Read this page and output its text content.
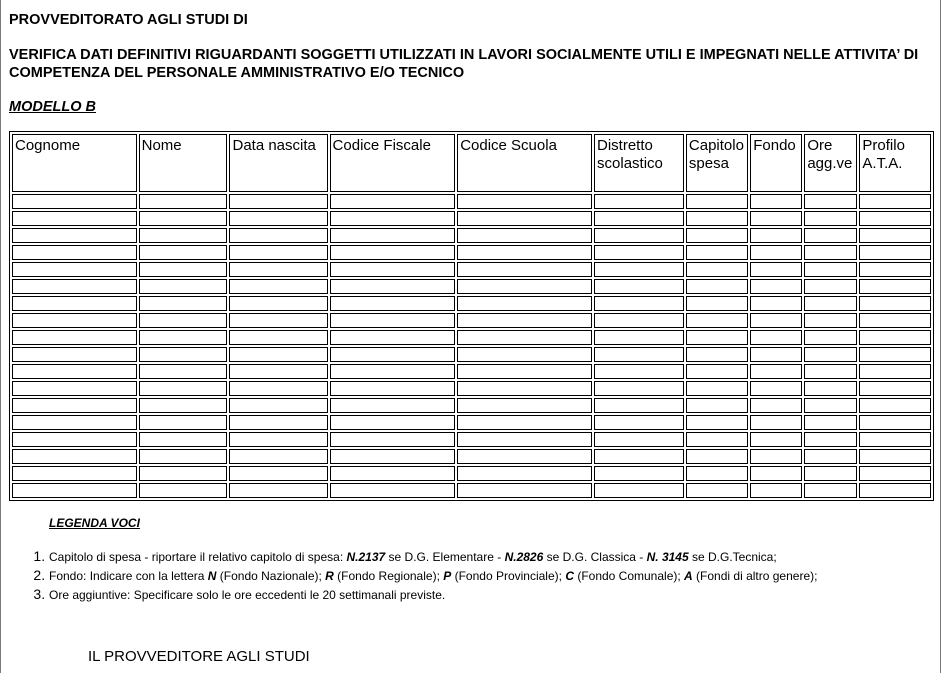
PROVVEDITORATO AGLI STUDI DI
VERIFICA DATI DEFINITIVI RIGUARDANTI SOGGETTI UTILIZZATI IN LAVORI SOCIALMENTE UTILI E IMPEGNATI NELLE ATTIVITA’ DI COMPETENZA DEL PERSONALE AMMINISTRATIVO E/O TECNICO
MODELLO B
Cognome	Nome	Data nascita	Codice Fiscale	Codice Scuola	Distretto scolastico	Capitolo spesa	Fondo	Ore agg.ve	Profilo A.T.A.

LEGENDA VOCI
1. Capitolo di spesa - riportare il relativo capitolo di spesa: N.2137 se D.G. Elementare - N.2826 se D.G. Classica - N. 3145 se D.G.Tecnica;
2. Fondo: Indicare con la lettera N (Fondo Nazionale); R (Fondo Regionale); P (Fondo Provinciale); C (Fondo Comunale); A (Fondi di altro genere);
3. Ore aggiuntive: Specificare solo le ore eccedenti le 20 settimanali previste.
IL PROVVEDITORE AGLI STUDI
